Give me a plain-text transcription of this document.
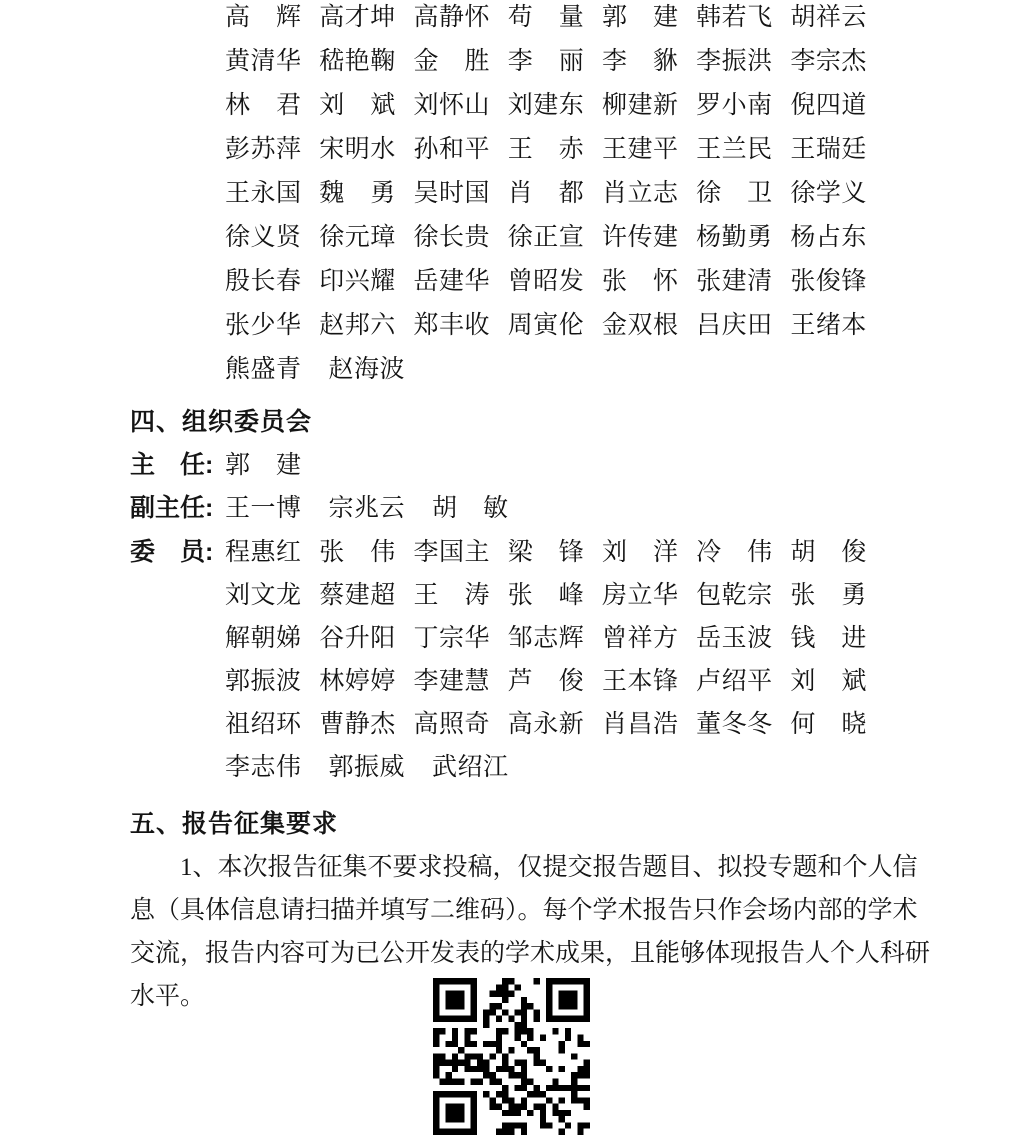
高　辉 高才坤 高静怀 苟　量 郭　建 韩若飞 胡祥云
黄清华 嵇艳鞠 金　胜 李　丽 李　貅 李振洪 李宗杰
林　君 刘　斌 刘怀山 刘建东 柳建新 罗小南 倪四道
彭苏萍 宋明水 孙和平 王　赤 王建平 王兰民 王瑞廷
王永国 魏　勇 吴时国 肖　都 肖立志 徐　卫 徐学义
徐义贤 徐元璋 徐长贵 徐正宣 许传建 杨勤勇 杨占东
殷长春 印兴耀 岳建华 曾昭发 张　怀 张建清 张俊锋
张少华 赵邦六 郑丰收 周寅伦 金双根 吕庆田 王绪本
熊盛青 赵海波
四、组织委员会
主　任: 郭　建
副主任: 王一博 宗兆云 胡　敏
委　员: 程惠红 张　伟 李国主 梁　锋 刘　洋 冷　伟 胡　俊
刘文龙 蔡建超 王　涛 张　峰 房立华 包乾宗 张　勇
解朝娣 谷升阳 丁宗华 邹志辉 曾祥方 岳玉波 钱　进
郭振波 林婷婷 李建慧 芦　俊 王本锋 卢绍平 刘　斌
祖绍环 曹静杰 高照奇 高永新 肖昌浩 董冬冬 何　晓
李志伟 郭振威 武绍江
五、报告征集要求
1、本次报告征集不要求投稿，仅提交报告题目、拟投专题和个人信
息（具体信息请扫描并填写二维码）。每个学术报告只作会场内部的学术
交流，报告内容可为已公开发表的学术成果，且能够体现报告人个人科研
水平。
